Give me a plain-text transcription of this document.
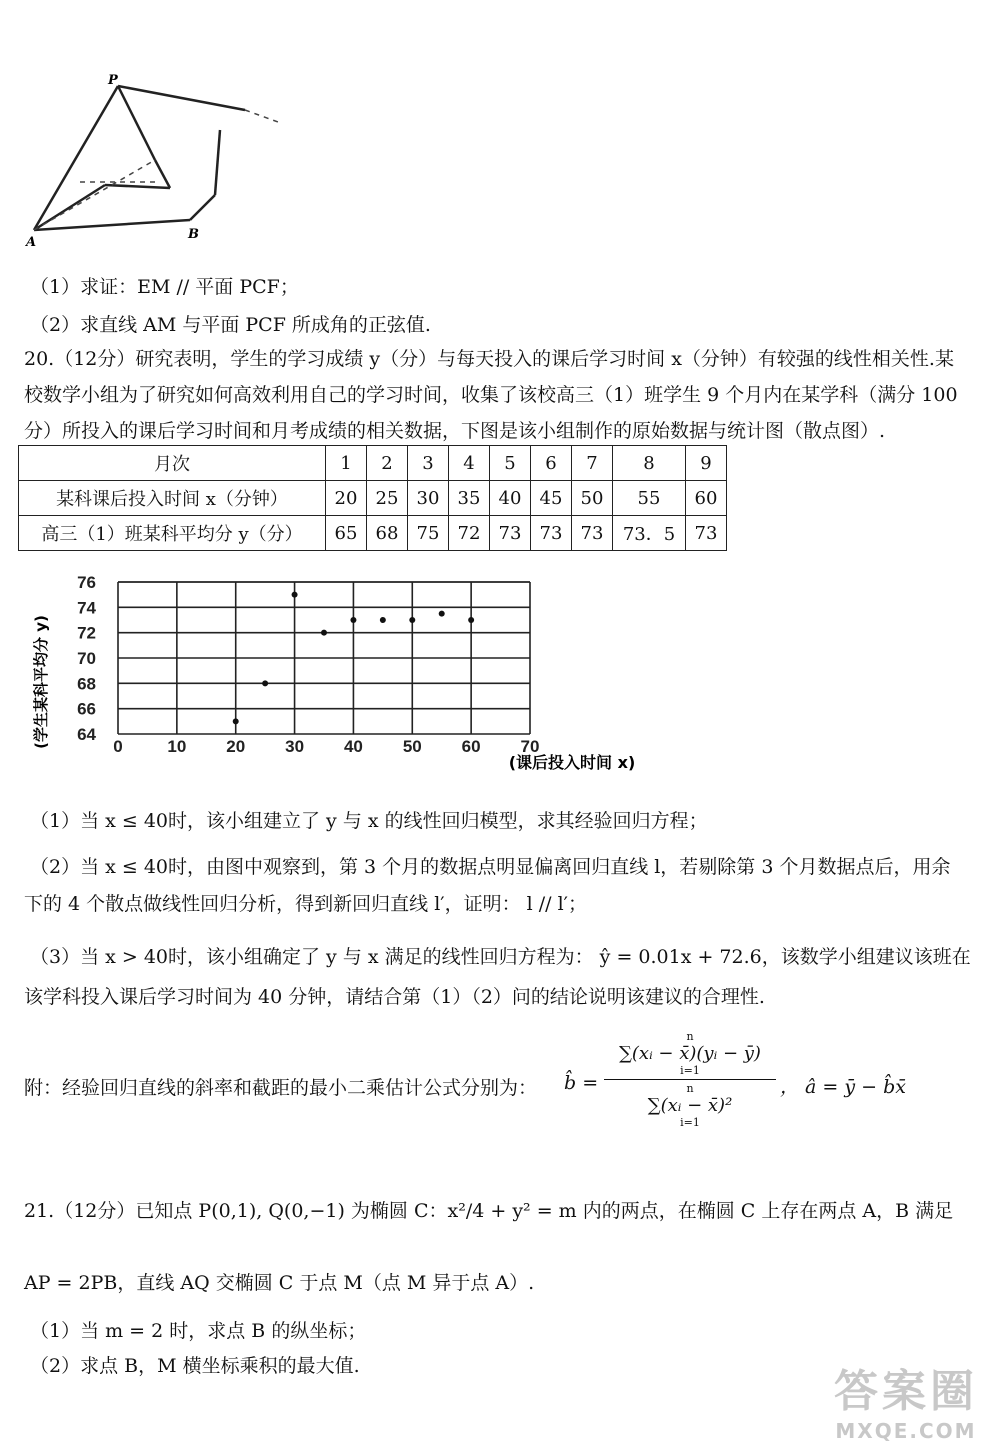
P
A
B
（1）求证：EM // 平面 PCF；
（2）求直线 AM 与平面 PCF 所成角的正弦值.
20.（12分）研究表明，学生的学习成绩 y（分）与每天投入的课后学习时间 x（分钟）有较强的线性相关性.某
校数学小组为了研究如何高效利用自己的学习时间，收集了该校高三（1）班学生 9 个月内在某学科（满分 100
分）所投入的课后学习时间和月考成绩的相关数据，下图是该小组制作的原始数据与统计图（散点图）.
月次	1	2	3	4	5	6	7	8	9
某科课后投入时间 x（分钟）	20	25	30	35	40	45	50	55	60
高三（1）班某科平均分 y（分）	65	68	75	72	73	73	73	73．5	73
0	10 20 30 40 50 60 70
64
66
68
70
72
74
76
(学生某科平均分 y)
(课后投入时间 x)
（1）当 x ≤ 40时，该小组建立了 y 与 x 的线性回归模型，求其经验回归方程；
（2）当 x ≤ 40时，由图中观察到，第 3 个月的数据点明显偏离回归直线 l，若剔除第 3 个月数据点后，用余
下的 4 个散点做线性回归分析，得到新回归直线 l′，证明： l // l′；
（3）当 x > 40时，该小组确定了 y 与 x 满足的线性回归方程为： ŷ = 0.01x + 72.6，该数学小组建议该班在
该学科投入课后学习时间为 40 分钟，请结合第（1）（2）问的结论说明该建议的合理性.
附：经验回归直线的斜率和截距的最小二乘估计公式分别为： b̂ =
n
∑(xᵢ − x̄)(yᵢ − ȳ)
i=1
n
∑(xᵢ − x̄)²
i=1
， â = ȳ − b̂x̄
21.（12分）已知点 P(0,1), Q(0,−1) 为椭圆 C：x²/4 + y² = m 内的两点，在椭圆 C 上存在两点 A，B 满足
AP = 2PB，直线 AQ 交椭圆 C 于点 M（点 M 异于点 A）.
（1）当 m = 2 时，求点 B 的纵坐标；
（2）求点 B，M 横坐标乘积的最大值.	答案圈
MXQE.COM
